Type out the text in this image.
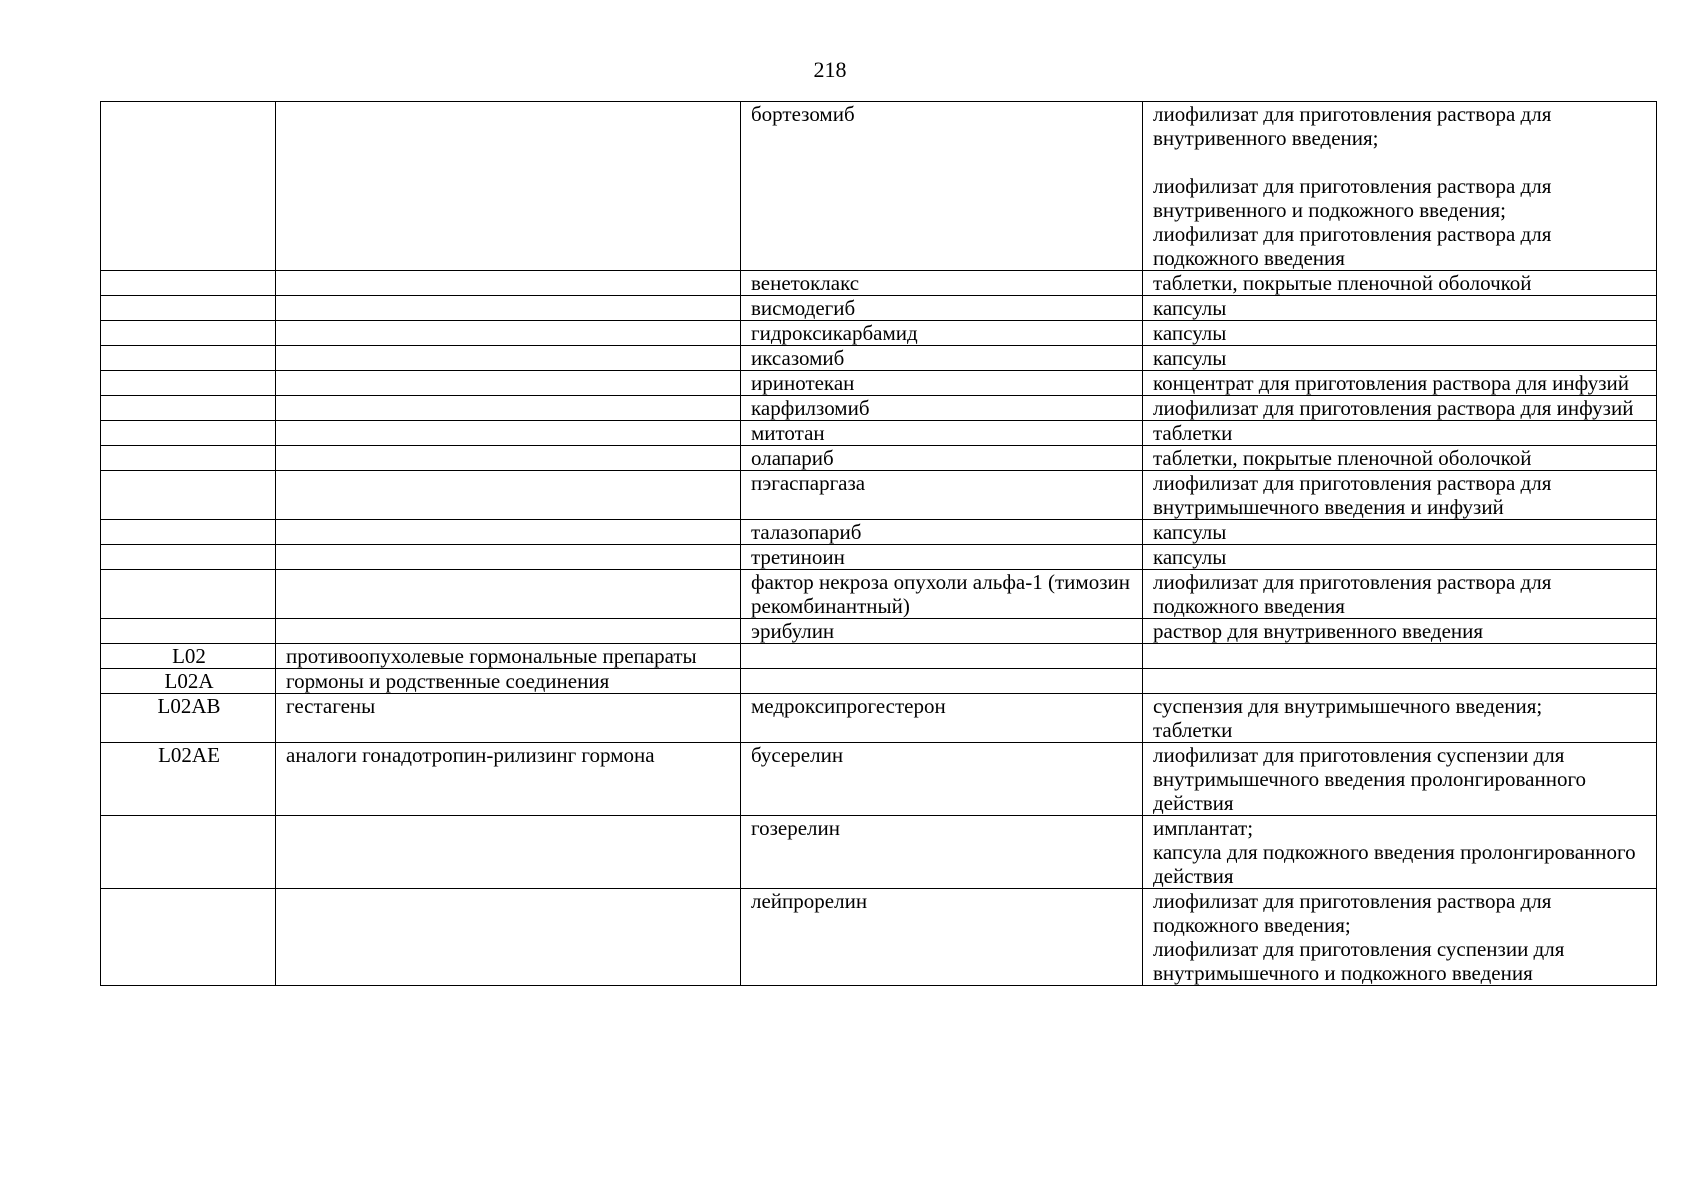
218
		бортезомиб	лиофилизат для приготовления раствора для внутривенного введения;

лиофилизат для приготовления раствора для внутривенного и подкожного введения;
лиофилизат для приготовления раствора для подкожного введения
		венетоклакс	таблетки, покрытые пленочной оболочкой
		висмодегиб	капсулы
		гидроксикарбамид	капсулы
		иксазомиб	капсулы
		иринотекан	концентрат для приготовления раствора для инфузий
		карфилзомиб	лиофилизат для приготовления раствора для инфузий
		митотан	таблетки
		олапариб	таблетки, покрытые пленочной оболочкой
		пэгаспаргаза	лиофилизат для приготовления раствора для внутримышечного введения и инфузий
		талазопариб	капсулы
		третиноин	капсулы
		фактор некроза опухоли альфа-1 (тимозин рекомбинантный)	лиофилизат для приготовления раствора для подкожного введения
		эрибулин	раствор для внутривенного введения
L02	противоопухолевые гормональные препараты		
L02A	гормоны и родственные соединения		
L02AB	гестагены	медроксипрогестерон	суспензия для внутримышечного введения;
таблетки
L02AE	аналоги гонадотропин-рилизинг гормона	бусерелин	лиофилизат для приготовления суспензии для внутримышечного введения пролонгированного действия
		гозерелин	имплантат;
капсула для подкожного введения пролонгированного действия
		лейпрорелин	лиофилизат для приготовления раствора для подкожного введения;
лиофилизат для приготовления суспензии для внутримышечного и подкожного введения
